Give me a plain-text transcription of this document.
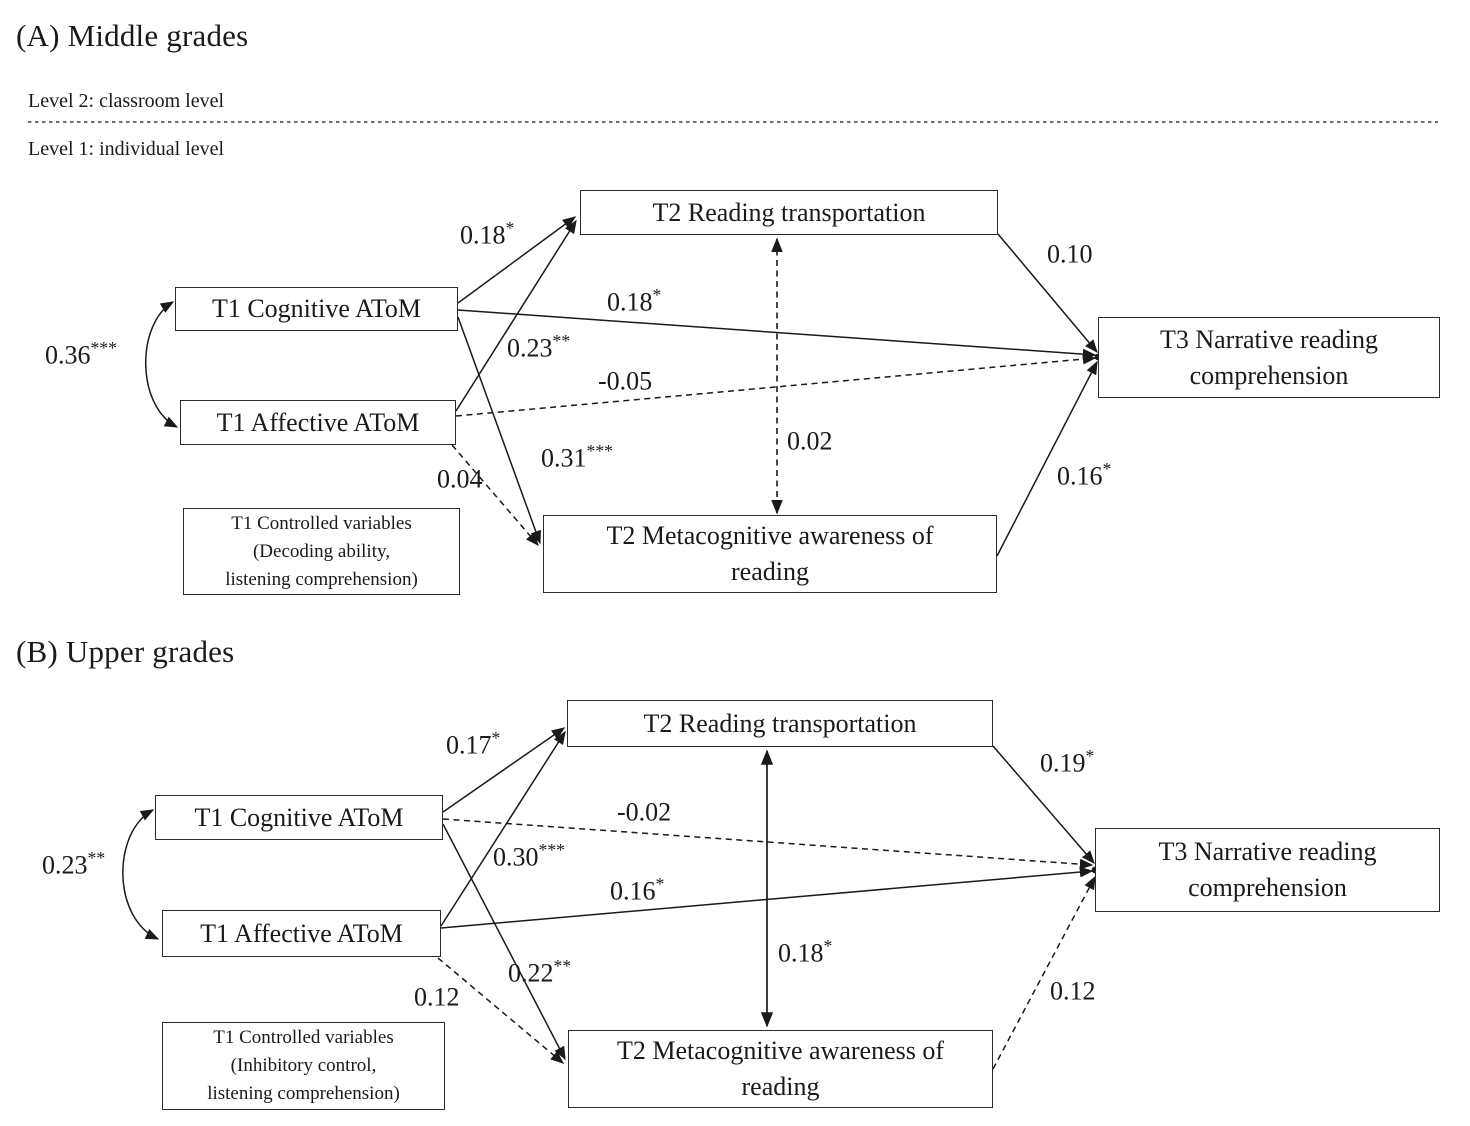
(A) Middle grades
Level 2: classroom level
Level 1: individual level
T1 Cognitive AToM
T1 Affective AToM
T2 Reading transportation
T2 Metacognitive awareness of
reading
T3 Narrative reading
comprehension
T1 Controlled variables
(Decoding ability,
listening comprehension)
0.36***
0.18*
0.18*
0.23**
-0.05
0.31***
0.04
0.10
0.16*
0.02
(B) Upper grades
T1 Cognitive AToM
T1 Affective AToM
T2 Reading transportation
T2 Metacognitive awareness of
reading
T3 Narrative reading
comprehension
T1 Controlled variables
(Inhibitory control,
listening comprehension)
0.23**
0.17*
-0.02
0.30***
0.16*
0.22**
0.12
0.19*
0.12
0.18*
